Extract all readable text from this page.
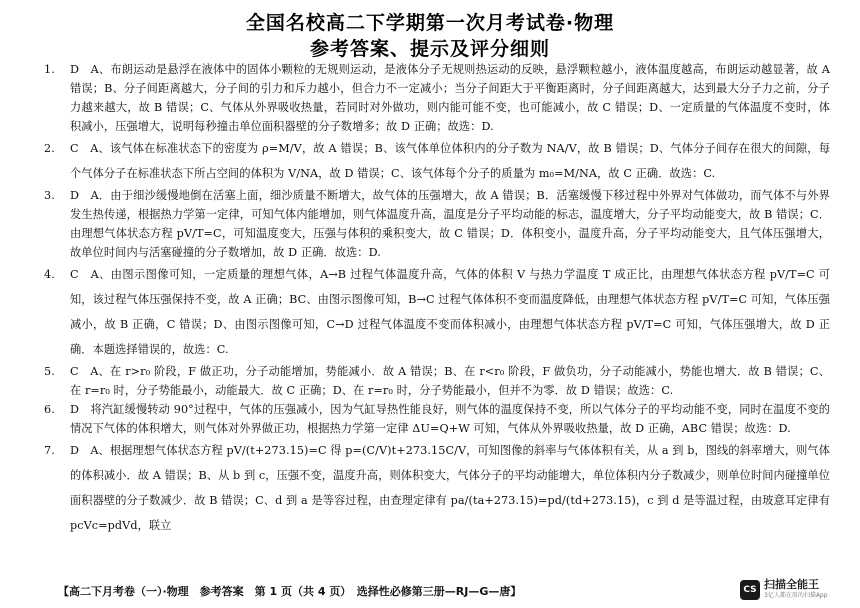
全国名校高二下学期第一次月考试卷·物理
参考答案、提示及评分细则

1. D　A、布朗运动是悬浮在液体中的固体小颗粒的无规则运动，是液体分子无规则热运动的反映，悬浮颗粒越小，液体温度越高，布朗运动越显著，故 A 错误；B、分子间距离越大，分子间的引力和斥力越小，但合力不一定减小；当分子间距大于平衡距离时，分子间距离越大，达到最大分子力之前，分子力越来越大，故 B 错误；C、气体从外界吸收热量，若同时对外做功，则内能可能不变，也可能减小，故 C 错误；D、一定质量的气体温度不变时，体积减小，压强增大，说明每秒撞击单位面积器壁的分子数增多；故 D 正确；故选：D.

2. C　A、该气体在标准状态下的密度为 ρ=M/V，故 A 错误；B、该气体单位体积内的分子数为 NA/V，故 B 错误；D、气体分子间存在很大的间隙，每个气体分子在标准状态下所占空间的体积为 V/NA，故 D 错误；C、该气体每个分子的质量为 m₀=M/NA，故 C 正确．故选：C.

3. D　A．由于细沙缓慢地倒在活塞上面，细沙质量不断增大，故气体的压强增大，故 A 错误；B．活塞缓慢下移过程中外界对气体做功，而气体不与外界发生热传递，根据热力学第一定律，可知气体内能增加，则气体温度升高，温度是分子平均动能的标志，温度增大，分子平均动能变大，故 B 错误；C．由理想气体状态方程 pV/T=C，可知温度变大，压强与体积的乘积变大，故 C 错误；D．体积变小，温度升高，分子平均动能变大，且气体压强增大，故单位时间内与活塞碰撞的分子数增加，故 D 正确．故选：D.

4. C　A、由图示图像可知，一定质量的理想气体，A→B 过程气体温度升高，气体的体积 V 与热力学温度 T 成正比，由理想气体状态方程 pV/T=C 可知，该过程气体压强保持不变，故 A 正确；BC、由图示图像可知，B→C 过程气体体积不变而温度降低，由理想气体状态方程 pV/T=C 可知，气体压强减小，故 B 正确，C 错误；D、由图示图像可知，C→D 过程气体温度不变而体积减小，由理想气体状态方程 pV/T=C 可知，气体压强增大，故 D 正确．本题选择错误的，故选：C.

5. C　A、在 r>r₀ 阶段，F 做正功，分子动能增加，势能减小．故 A 错误；B、在 r<r₀ 阶段，F 做负功，分子动能减小，势能也增大．故 B 错误；C、在 r=r₀ 时，分子势能最小，动能最大．故 C 正确；D、在 r=r₀ 时，分子势能最小，但并不为零．故 D 错误；故选：C.

6. D　将汽缸缓慢转动 90°过程中，气体的压强减小，因为气缸导热性能良好，则气体的温度保持不变，所以气体分子的平均动能不变，同时在温度不变的情况下气体的体积增大，则气体对外界做正功，根据热力学第一定律 ΔU=Q+W 可知，气体从外界吸收热量，故 D 正确，ABC 错误；故选：D.

7. D　A、根据理想气体状态方程 pV/(t+273.15)=C 得 p=(C/V)t+273.15C/V，可知图像的斜率与气体体积有关，从 a 到 b，图线的斜率增大，则气体的体积减小．故 A 错误；B、从 b 到 c，压强不变，温度升高，则体积变大，气体分子的平均动能增大，单位体积内分子数减少，则单位时间内碰撞单位面积器壁的分子数减少．故 B 错误；C、d 到 a 是等容过程，由查理定律有 pa/(ta+273.15)=pd/(td+273.15)，c 到 d 是等温过程，由玻意耳定律有 pcVc=pdVd，联立

【高二下月考卷（一）·物理　参考答案　第 1 页（共 4 页）　选择性必修第三册—RJ—G—唐】	CS 扫描全能王
3亿人都在用的扫描App
